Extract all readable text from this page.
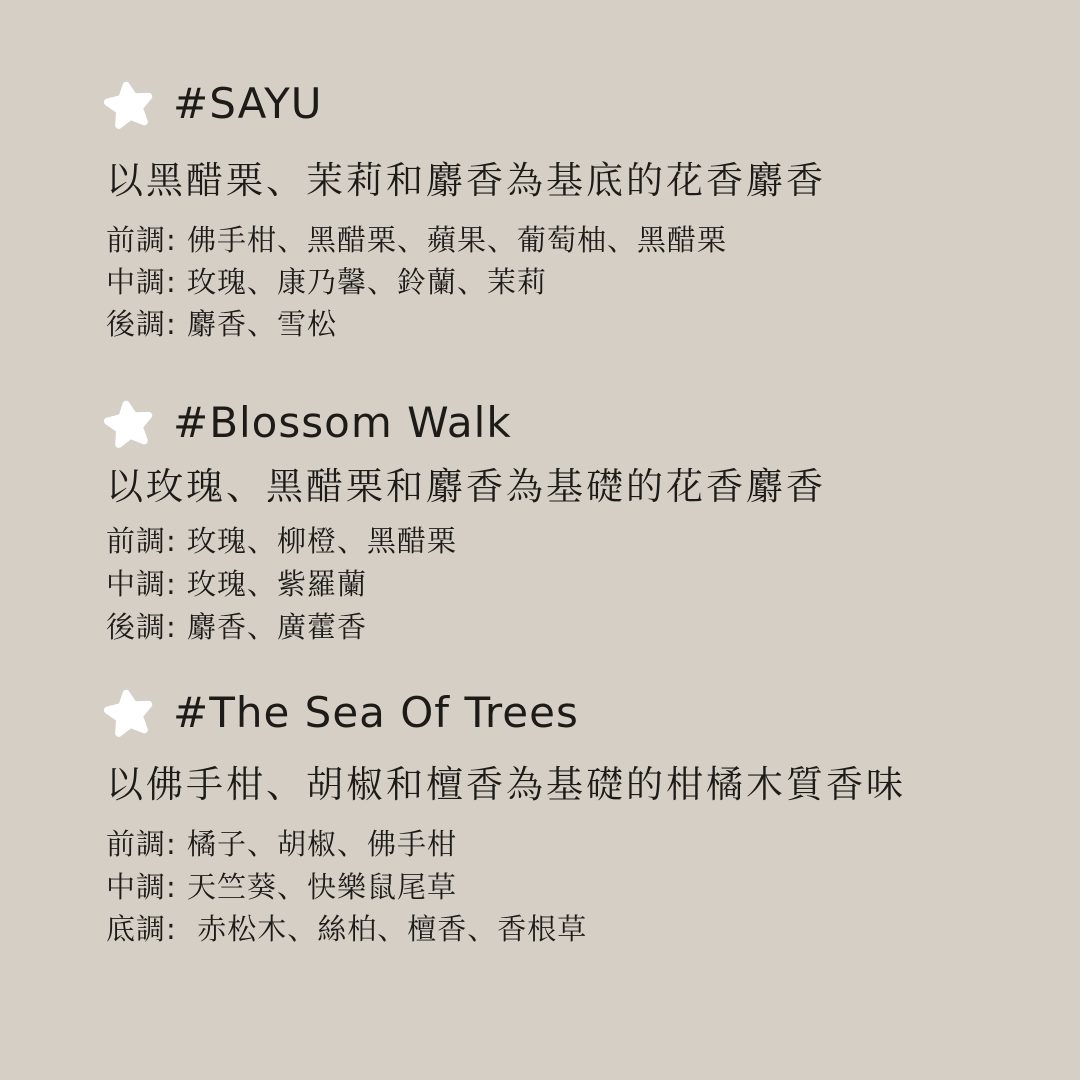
#SAYU
以黑醋栗、茉莉和麝香為基底的花香麝香
前調: 佛手柑、黑醋栗、蘋果、葡萄柚、黑醋栗
中調: 玫瑰、康乃馨、鈴蘭、茉莉
後調: 麝香、雪松
#Blossom Walk
以玫瑰、黑醋栗和麝香為基礎的花香麝香
前調: 玫瑰、柳橙、黑醋栗
中調: 玫瑰、紫羅蘭
後調: 麝香、廣藿香
#The Sea Of Trees
以佛手柑、胡椒和檀香為基礎的柑橘木質香味
前調: 橘子、胡椒、佛手柑
中調: 天竺葵、快樂鼠尾草
底調:  赤松木、絲柏、檀香、香根草
